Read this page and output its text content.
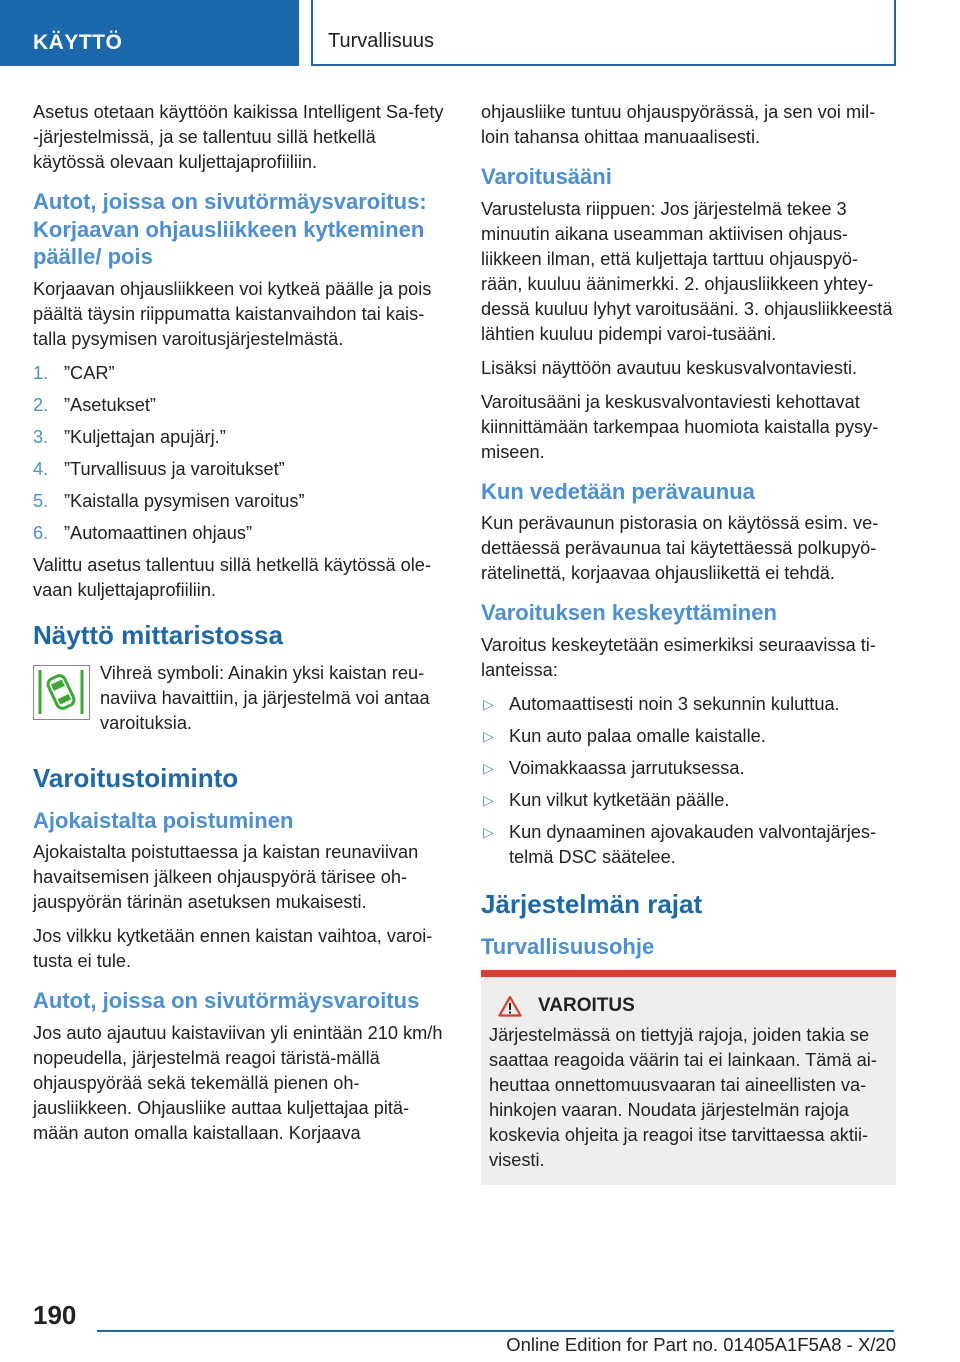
KÄYTTÖ	Turvallisuus

Asetus otetaan käyttöön kaikissa Intelligent Sa-fety -järjestelmissä, ja se tallentuu sillä hetkellä käytössä olevaan kuljettajaprofiiliin.

Autot, joissa on sivutörmäysvaroitus: Korjaavan ohjausliikkeen kytkeminen päälle/ pois

Korjaavan ohjausliikkeen voi kytkeä päälle ja pois päältä täysin riippumatta kaistanvaihdon tai kais-talla pysymisen varoitusjärjestelmästä.

1. ”CAR”
2. ”Asetukset”
3. ”Kuljettajan apujärj.”
4. ”Turvallisuus ja varoitukset”
5. ”Kaistalla pysymisen varoitus”
6. ”Automaattinen ohjaus”

Valittu asetus tallentuu sillä hetkellä käytössä ole-vaan kuljettajaprofiiliin.

Näyttö mittaristossa

Vihreä symboli: Ainakin yksi kaistan reu-naviiva havaittiin, ja järjestelmä voi antaa varoituksia.

Varoitustoiminto
Ajokaistalta poistuminen

Ajokaistalta poistuttaessa ja kaistan reunaviivan havaitsemisen jälkeen ohjauspyörä tärisee oh-jauspyörän tärinän asetuksen mukaisesti.

Jos vilkku kytketään ennen kaistan vaihtoa, varoi-tusta ei tule.

Autot, joissa on sivutörmäysvaroitus

Jos auto ajautuu kaistaviivan yli enintään 210 km/h nopeudella, järjestelmä reagoi täristä-mällä ohjauspyörää sekä tekemällä pienen oh-jausliikkeen. Ohjausliike auttaa kuljettajaa pitä-mään auton omalla kaistallaan. Korjaava

ohjausliike tuntuu ohjauspyörässä, ja sen voi mil-loin tahansa ohittaa manuaalisesti.

Varoitusääni

Varustelusta riippuen: Jos järjestelmä tekee 3 minuutin aikana useamman aktiivisen ohjaus-liikkeen ilman, että kuljettaja tarttuu ohjauspyö-rään, kuuluu äänimerkki. 2. ohjausliikkeen yhtey-dessä kuuluu lyhyt varoitusääni. 3. ohjausliikkeestä lähtien kuuluu pidempi varoi-tusääni.

Lisäksi näyttöön avautuu keskusvalvontaviesti.

Varoitusääni ja keskusvalvontaviesti kehottavat kiinnittämään tarkempaa huomiota kaistalla pysy-miseen.

Kun vedetään perävaunua

Kun perävaunun pistorasia on käytössä esim. ve-dettäessä perävaunua tai käytettäessä polkupyö-rätelinettä, korjaavaa ohjausliikettä ei tehdä.

Varoituksen keskeyttäminen

Varoitus keskeytetään esimerkiksi seuraavissa ti-lanteissa:

▷ Automaattisesti noin 3 sekunnin kuluttua.
▷ Kun auto palaa omalle kaistalle.
▷ Voimakkaassa jarrutuksessa.
▷ Kun vilkut kytketään päälle.
▷ Kun dynaaminen ajovakauden valvontajärjes-telmä DSC säätelee.
Järjestelmän rajat
Turvallisuusohje
VAROITUS

Järjestelmässä on tiettyjä rajoja, joiden takia se saattaa reagoida väärin tai ei lainkaan. Tämä ai-heuttaa onnettomuusvaaran tai aineellisten va-hinkojen vaaran. Noudata järjestelmän rajoja koskevia ohjeita ja reagoi itse tarvittaessa aktii-visesti.

190
Online Edition for Part no. 01405A1F5A8 - X/20
